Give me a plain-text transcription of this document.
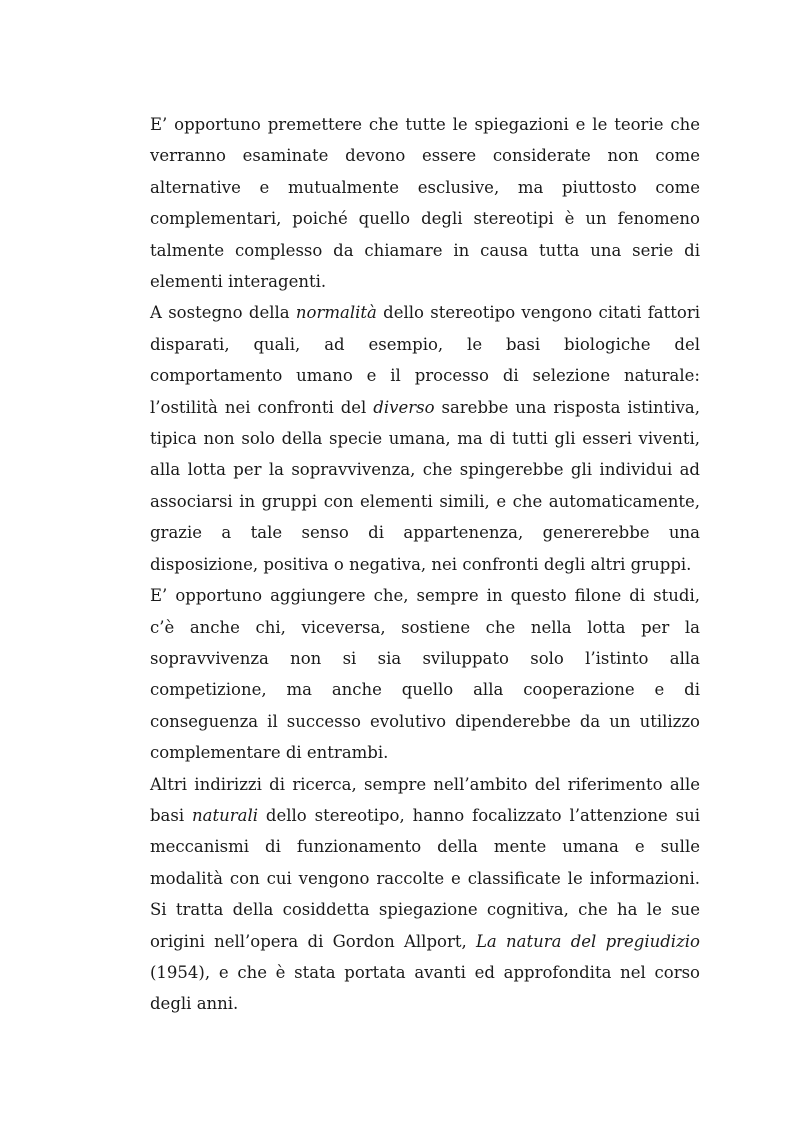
E’ opportuno premettere che tutte le spiegazioni e le teorie che verranno esaminate devono essere considerate non come alternative e mutualmente esclusive, ma piuttosto come complementari, poiché quello degli stereotipi è un fenomeno talmente complesso da chiamare in causa tutta una serie di elementi interagenti.

A sostegno della normalità dello stereotipo vengono citati fattori disparati, quali, ad esempio, le basi biologiche del comportamento umano e il processo di selezione naturale: l’ostilità nei confronti del diverso sarebbe una risposta istintiva, tipica non solo della specie umana, ma di tutti gli esseri viventi, alla lotta per la sopravvivenza, che spingerebbe gli individui ad associarsi in gruppi con elementi simili, e che automaticamente, grazie a tale senso di appartenenza, genererebbe una disposizione, positiva o negativa, nei confronti degli altri gruppi.

E’ opportuno aggiungere che, sempre in questo filone di studi, c’è anche chi, viceversa, sostiene che nella lotta per la sopravvivenza non si sia sviluppato solo l’istinto alla competizione, ma anche quello alla cooperazione e di conseguenza il successo evolutivo dipenderebbe da un utilizzo complementare di entrambi.

Altri indirizzi di ricerca, sempre nell’ambito del riferimento alle basi naturali dello stereotipo, hanno focalizzato l’attenzione sui meccanismi di funzionamento della mente umana e sulle modalità con cui vengono raccolte e classificate le informazioni. Si tratta della cosiddetta spiegazione cognitiva, che ha le sue origini nell’opera di Gordon Allport, La natura del pregiudizio (1954), e che è stata portata avanti ed approfondita nel corso degli anni.
